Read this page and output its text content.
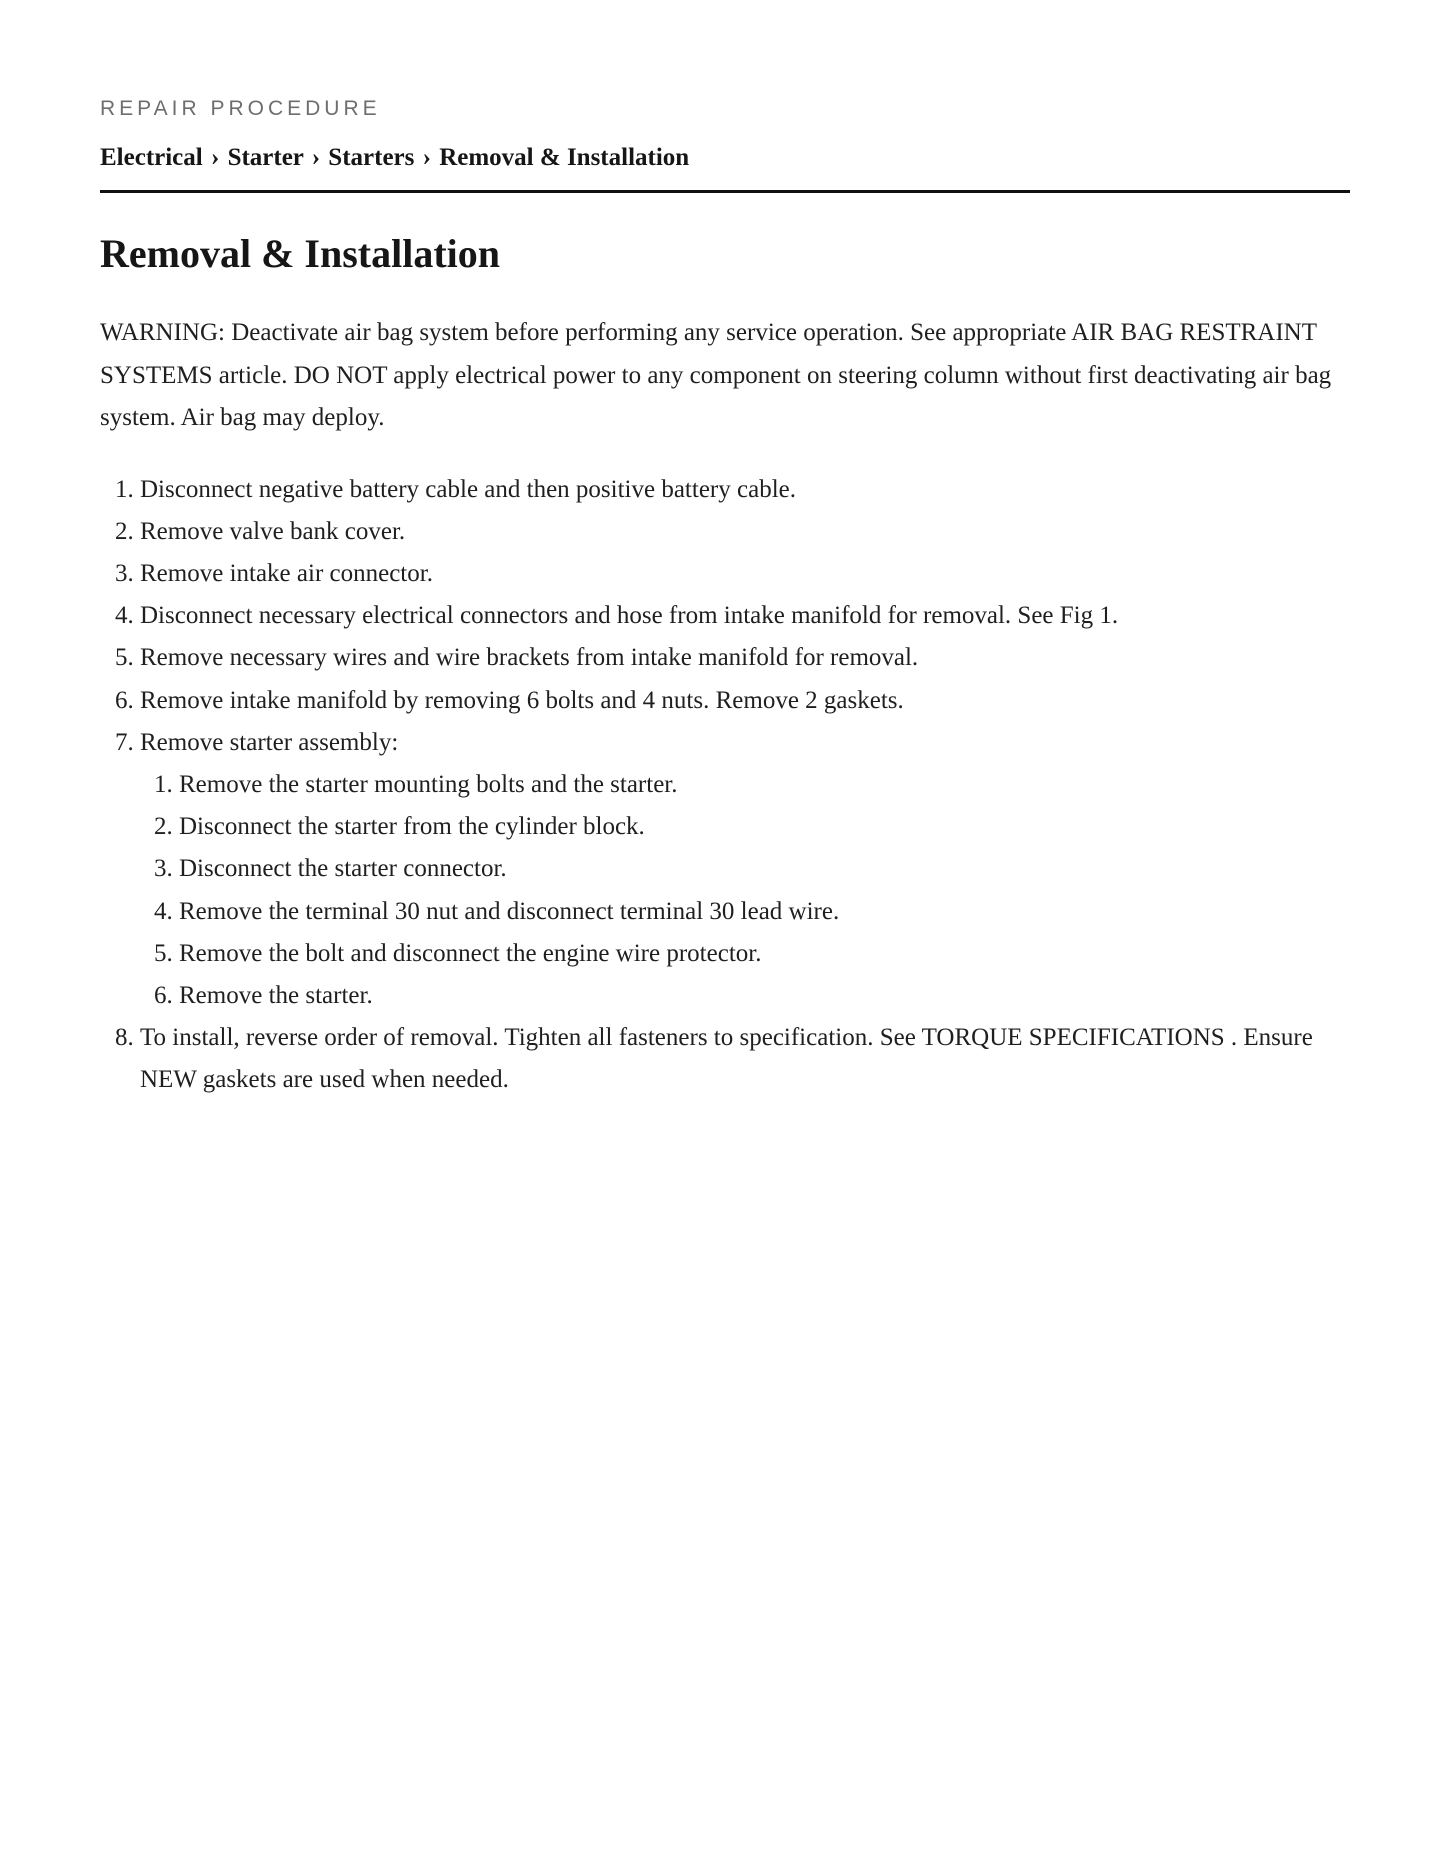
REPAIR PROCEDURE
Electrical › Starter › Starters › Removal & Installation
Removal & Installation

WARNING: Deactivate air bag system before performing any service operation. See appropriate AIR BAG RESTRAINT SYSTEMS article. DO NOT apply electrical power to any component on steering column without first deactivating air bag system. Air bag may deploy.

1. Disconnect negative battery cable and then positive battery cable.
2. Remove valve bank cover.
3. Remove intake air connector.
4. Disconnect necessary electrical connectors and hose from intake manifold for removal. See Fig 1.
5. Remove necessary wires and wire brackets from intake manifold for removal.
6. Remove intake manifold by removing 6 bolts and 4 nuts. Remove 2 gaskets.
7. Remove starter assembly:
1. Remove the starter mounting bolts and the starter.
2. Disconnect the starter from the cylinder block.
3. Disconnect the starter connector.
4. Remove the terminal 30 nut and disconnect terminal 30 lead wire.
5. Remove the bolt and disconnect the engine wire protector.
6. Remove the starter.
8. To install, reverse order of removal. Tighten all fasteners to specification. See TORQUE SPECIFICATIONS . Ensure NEW gaskets are used when needed.
